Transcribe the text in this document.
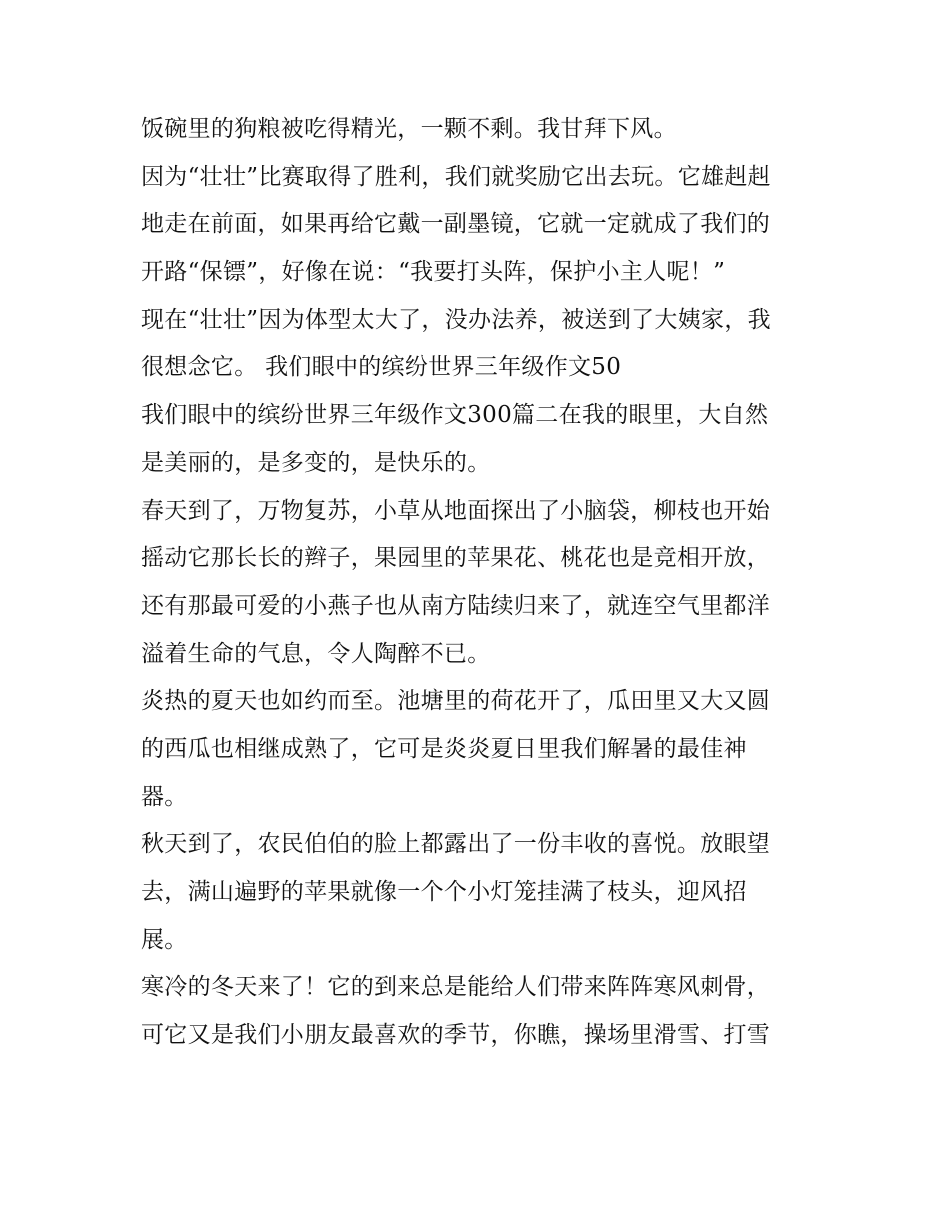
饭碗里的狗粮被吃得精光，一颗不剩。我甘拜下风。
因为“壮壮”比赛取得了胜利，我们就奖励它出去玩。它雄赳赳
地走在前面，如果再给它戴一副墨镜，它就一定就成了我们的
开路“保镖”，好像在说：“我要打头阵，保护小主人呢！”
现在“壮壮”因为体型太大了，没办法养，被送到了大姨家，我
很想念它。 我们眼中的缤纷世界三年级作文50
我们眼中的缤纷世界三年级作文300篇二在我的眼里，大自然
是美丽的，是多变的，是快乐的。
春天到了，万物复苏，小草从地面探出了小脑袋，柳枝也开始
摇动它那长长的辫子，果园里的苹果花、桃花也是竞相开放，
还有那最可爱的小燕子也从南方陆续归来了，就连空气里都洋
溢着生命的气息，令人陶醉不已。
炎热的夏天也如约而至。池塘里的荷花开了，瓜田里又大又圆
的西瓜也相继成熟了，它可是炎炎夏日里我们解暑的最佳神
器。
秋天到了，农民伯伯的脸上都露出了一份丰收的喜悦。放眼望
去，满山遍野的苹果就像一个个小灯笼挂满了枝头，迎风招
展。
寒冷的冬天来了！它的到来总是能给人们带来阵阵寒风刺骨，
可它又是我们小朋友最喜欢的季节，你瞧，操场里滑雪、打雪
